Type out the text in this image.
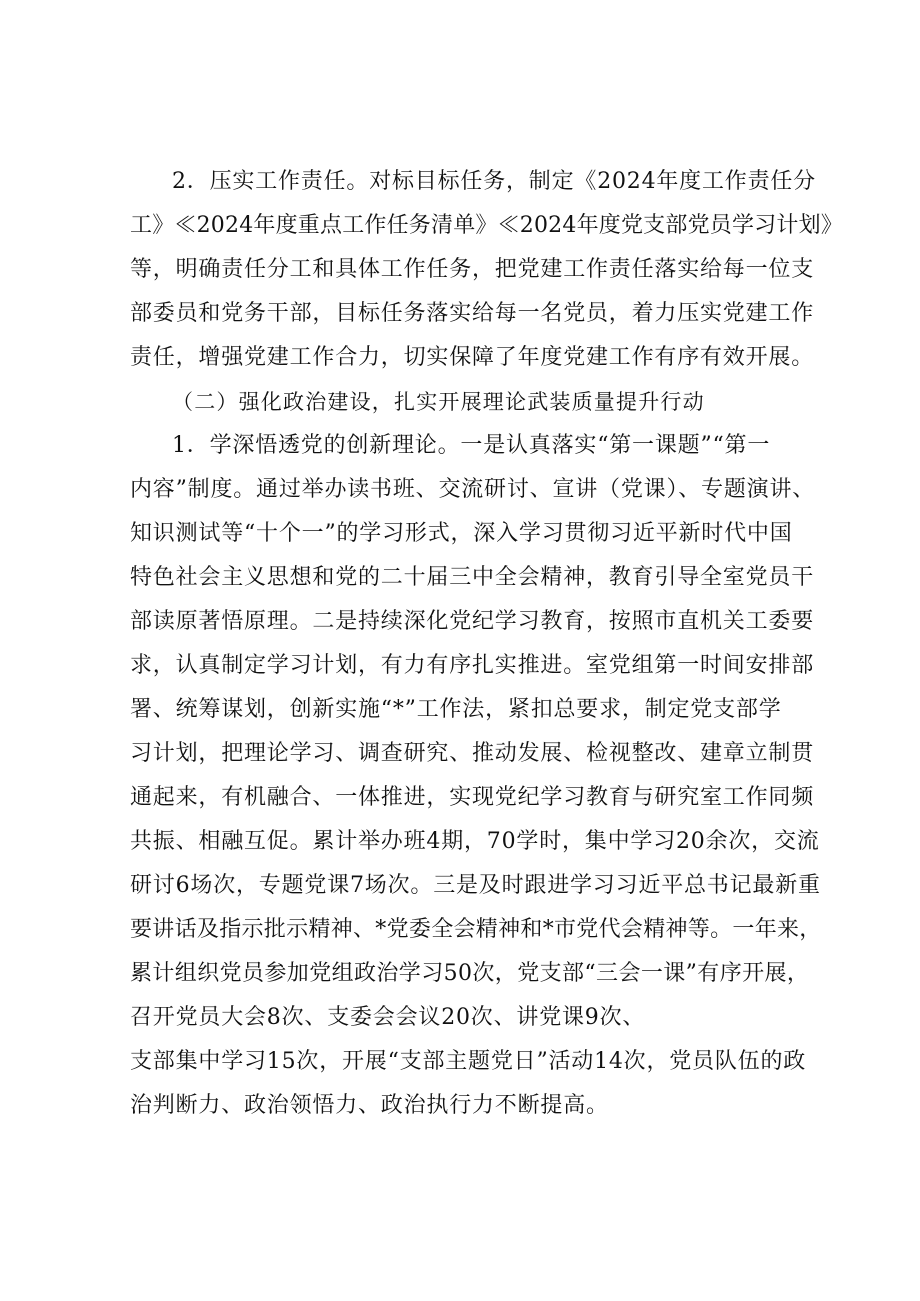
2．压实工作责任。对标目标任务，制定《2024年度工作责任分
工》≪2024年度重点工作任务清单》≪2024年度党支部党员学习计划》
等，明确责任分工和具体工作任务，把党建工作责任落实给每一位支
部委员和党务干部，目标任务落实给每一名党员，着力压实党建工作
责任，增强党建工作合力，切实保障了年度党建工作有序有效开展。
（二）强化政治建设，扎实开展理论武装质量提升行动
1．学深悟透党的创新理论。一是认真落实“第一课题”“第一
内容”制度。通过举办读书班、交流研讨、宣讲（党课）、专题演讲、
知识测试等“十个一”的学习形式，深入学习贯彻习近平新时代中国
特色社会主义思想和党的二十届三中全会精神，教育引导全室党员干
部读原著悟原理。二是持续深化党纪学习教育，按照市直机关工委要
求，认真制定学习计划，有力有序扎实推进。室党组第一时间安排部
署、统筹谋划，创新实施“*”工作法，紧扣总要求，制定党支部学
习计划，把理论学习、调查研究、推动发展、检视整改、建章立制贯
通起来，有机融合、一体推进，实现党纪学习教育与研究室工作同频
共振、相融互促。累计举办班4期，70学时，集中学习20余次，交流
研讨6场次，专题党课7场次。三是及时跟进学习习近平总书记最新重
要讲话及指示批示精神、*党委全会精神和*市党代会精神等。一年来，
累计组织党员参加党组政治学习50次，党支部“三会一课”有序开展，
召开党员大会8次、支委会会议20次、讲党课9次、
支部集中学习15次，开展“支部主题党日”活动14次，党员队伍的政
治判断力、政治领悟力、政治执行力不断提高。
